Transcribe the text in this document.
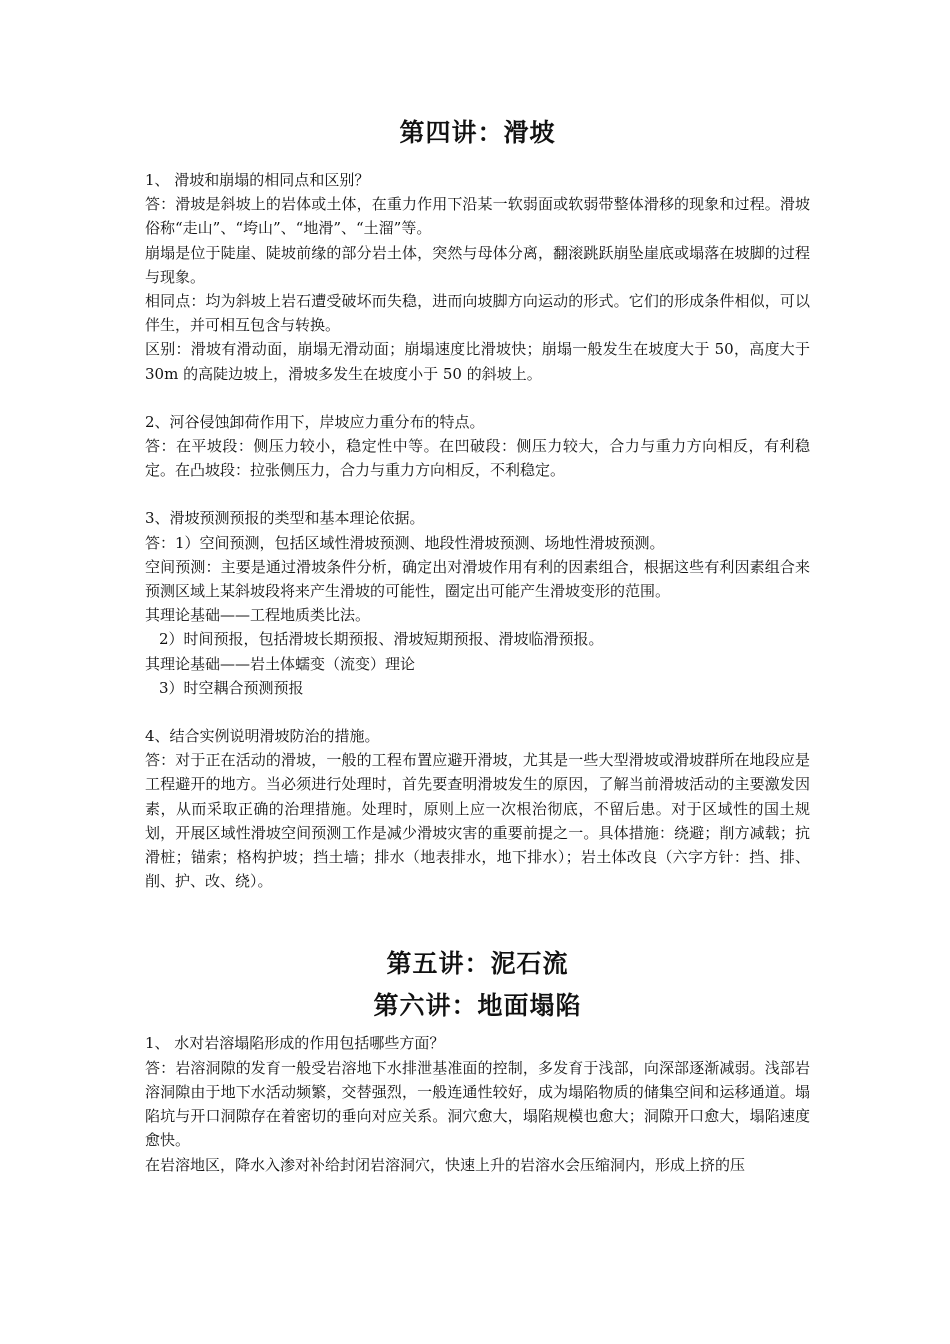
第四讲：滑坡

1、 滑坡和崩塌的相同点和区别？

答：滑坡是斜坡上的岩体或土体，在重力作用下沿某一软弱面或软弱带整体滑移的现象和过程。滑坡俗称“走山”、“垮山”、“地滑”、“土溜”等。

崩塌是位于陡崖、陡坡前缘的部分岩土体，突然与母体分离，翻滚跳跃崩坠崖底或塌落在坡脚的过程与现象。

相同点：均为斜坡上岩石遭受破坏而失稳，进而向坡脚方向运动的形式。它们的形成条件相似，可以伴生，并可相互包含与转换。

区别：滑坡有滑动面，崩塌无滑动面；崩塌速度比滑坡快；崩塌一般发生在坡度大于 50，高度大于 30m 的高陡边坡上，滑坡多发生在坡度小于 50 的斜坡上。

2、河谷侵蚀卸荷作用下，岸坡应力重分布的特点。

答：在平坡段：侧压力较小，稳定性中等。在凹破段：侧压力较大，合力与重力方向相反，有利稳定。在凸坡段：拉张侧压力，合力与重力方向相反，不利稳定。

3、滑坡预测预报的类型和基本理论依据。

答：1）空间预测，包括区域性滑坡预测、地段性滑坡预测、场地性滑坡预测。

空间预测：主要是通过滑坡条件分析，确定出对滑坡作用有利的因素组合，根据这些有利因素组合来预测区域上某斜坡段将来产生滑坡的可能性，圈定出可能产生滑坡变形的范围。

其理论基础——工程地质类比法。

2）时间预报，包括滑坡长期预报、滑坡短期预报、滑坡临滑预报。

其理论基础——岩土体蠕变（流变）理论

3）时空耦合预测预报

4、结合实例说明滑坡防治的措施。

答：对于正在活动的滑坡，一般的工程布置应避开滑坡，尤其是一些大型滑坡或滑坡群所在地段应是工程避开的地方。当必须进行处理时，首先要查明滑坡发生的原因，了解当前滑坡活动的主要激发因素，从而采取正确的治理措施。处理时，原则上应一次根治彻底，不留后患。对于区域性的国土规划，开展区域性滑坡空间预测工作是减少滑坡灾害的重要前提之一。具体措施：绕避；削方减载；抗滑桩；锚索；格构护坡；挡土墙；排水（地表排水，地下排水）；岩土体改良（六字方针：挡、排、削、护、改、绕）。

第五讲：泥石流
第六讲：地面塌陷

1、 水对岩溶塌陷形成的作用包括哪些方面？

答：岩溶洞隙的发育一般受岩溶地下水排泄基准面的控制，多发育于浅部，向深部逐渐减弱。浅部岩溶洞隙由于地下水活动频繁，交替强烈，一般连通性较好，成为塌陷物质的储集空间和运移通道。塌陷坑与开口洞隙存在着密切的垂向对应关系。洞穴愈大，塌陷规模也愈大；洞隙开口愈大，塌陷速度愈快。

在岩溶地区，降水入渗对补给封闭岩溶洞穴，快速上升的岩溶水会压缩洞内，形成上挤的压
